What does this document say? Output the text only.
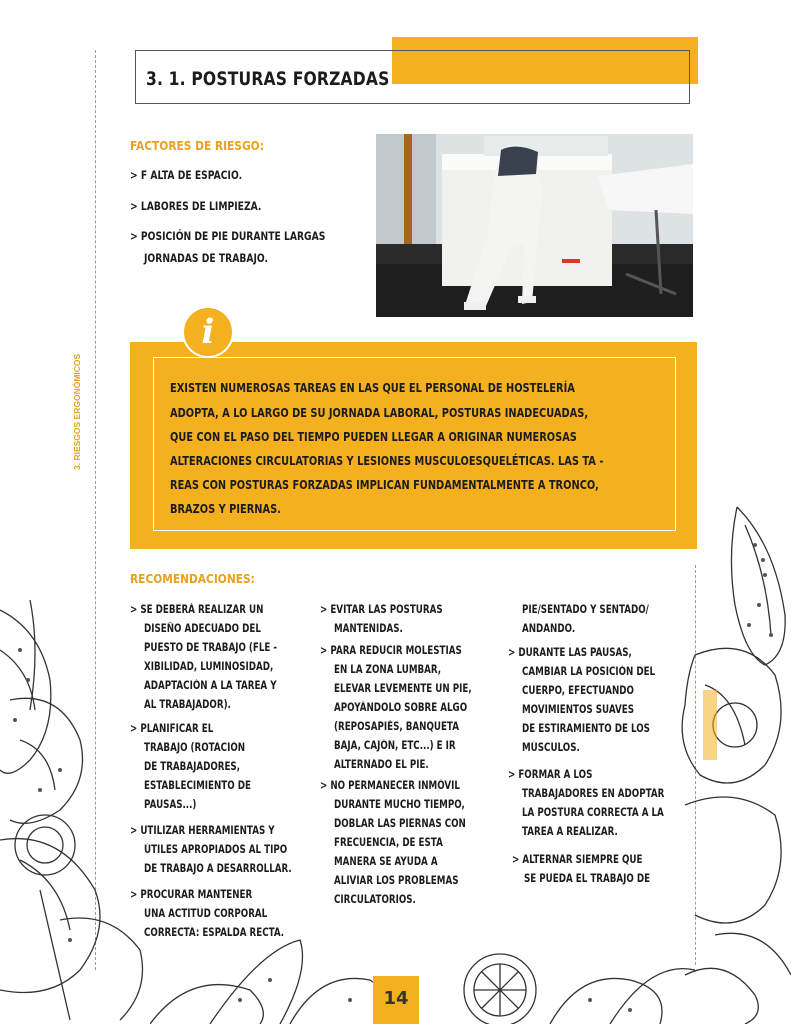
3. 1. POSTURAS FORZADAS
FACTORES DE RIESGO:
> F ALTA DE ESPACIO.
> LABORES DE LIMPIEZA.
> POSICIÓN DE PIE DURANTE LARGAS
JORNADAS DE TRABAJO.
i
EXISTEN NUMEROSAS TAREAS EN LAS QUE EL PERSONAL DE HOSTELERÍA
ADOPTA, A LO LARGO DE SU JORNADA LABORAL, POSTURAS INADECUADAS,
QUE CON EL PASO DEL TIEMPO PUEDEN LLEGAR A ORIGINAR NUMEROSAS
ALTERACIONES CIRCULATORIAS Y LESIONES MUSCULOESQUELÉTICAS. LAS TA -
REAS CON POSTURAS FORZADAS IMPLICAN FUNDAMENTALMENTE A TRONCO,
BRAZOS Y PIERNAS.
3. RIESGOS ERGONÓMICOS
RECOMENDACIONES:
> SE DEBERÁ REALIZAR UN
DISEÑO ADECUADO DEL
PUESTO DE TRABAJO (FLE -
XIBILIDAD, LUMINOSIDAD,
ADAPTACIÓN A LA TAREA Y
AL TRABAJADOR).
> PLANIFICAR EL
TRABAJO (ROTACIÓN
DE TRABAJADORES,
ESTABLECIMIENTO DE
PAUSAS...)
> UTILIZAR HERRAMIENTAS Y
ÚTILES APROPIADOS AL TIPO
DE TRABAJO A DESARROLLAR.
> PROCURAR MANTENER
UNA ACTITUD CORPORAL
CORRECTA: ESPALDA RECTA.
> EVITAR LAS POSTURAS
MANTENIDAS.
> PARA REDUCIR MOLESTIAS
EN LA ZONA LUMBAR,
ELEVAR LEVEMENTE UN PIE,
APOYÁNDOLO SOBRE ALGO
(REPOSAPIÉS, BANQUETA
BAJA, CAJÓN, ETC...) E IR
ALTERNADO EL PIE.
> NO PERMANECER INMÓVIL
DURANTE MUCHO TIEMPO,
DOBLAR LAS PIERNAS CON
FRECUENCIA, DE ESTA
MANERA SE AYUDA A
ALIVIAR LOS PROBLEMAS
CIRCULATORIOS.
PIE/SENTADO Y SENTADO/
ANDANDO.
> DURANTE LAS PAUSAS,
CAMBIAR LA POSICIÓN DEL
CUERPO, EFECTUANDO
MOVIMIENTOS SUAVES
DE ESTIRAMIENTO DE LOS
MÚSCULOS.
> FORMAR A LOS
TRABAJADORES EN ADOPTAR
LA POSTURA CORRECTA A LA
TAREA A REALIZAR.
> ALTERNAR SIEMPRE QUE
SE PUEDA EL TRABAJO DE
14
